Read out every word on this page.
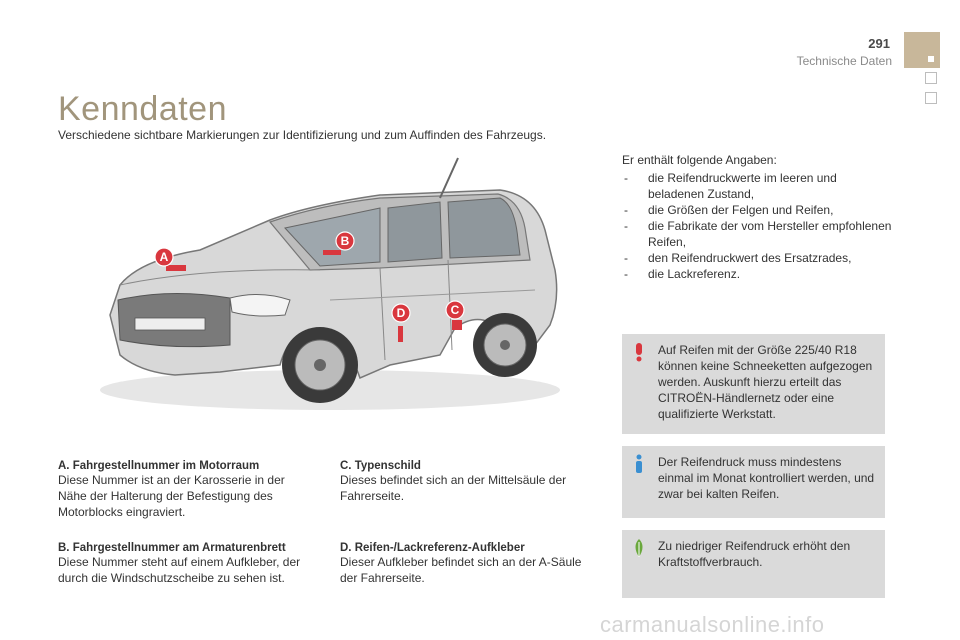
291
Technische Daten
Kenndaten
Verschiedene sichtbare Markierungen zur Identifizierung und zum Auffinden des Fahrzeugs.
A
B
C
D
Er enthält folgende Angaben:
- die Reifendruckwerte im leeren und beladenen Zustand,
- die Größen der Felgen und Reifen,
- die Fabrikate der vom Hersteller empfohlenen Reifen,
- den Reifendruckwert des Ersatzrades,
- die Lackreferenz.
Auf Reifen mit der Größe 225/40 R18 können keine Schneeketten aufgezogen werden. Auskunft hierzu erteilt das CITROËN-Händlernetz oder eine qualifizierte Werkstatt.
Der Reifendruck muss mindestens einmal im Monat kontrolliert werden, und zwar bei kalten Reifen.
Zu niedriger Reifendruck erhöht den Kraftstoffverbrauch.
A. Fahrgestellnummer im Motorraum
Diese Nummer ist an der Karosserie in der Nähe der Halterung der Befestigung des Motorblocks eingraviert.
B. Fahrgestellnummer am Armaturenbrett
Diese Nummer steht auf einem Aufkleber, der durch die Windschutzscheibe zu sehen ist.
C. Typenschild
Dieses befindet sich an der Mittelsäule der Fahrerseite.
D. Reifen-/Lackreferenz-Aufkleber
Dieser Aufkleber befindet sich an der A-Säule der Fahrerseite.
carmanualsonline.info
